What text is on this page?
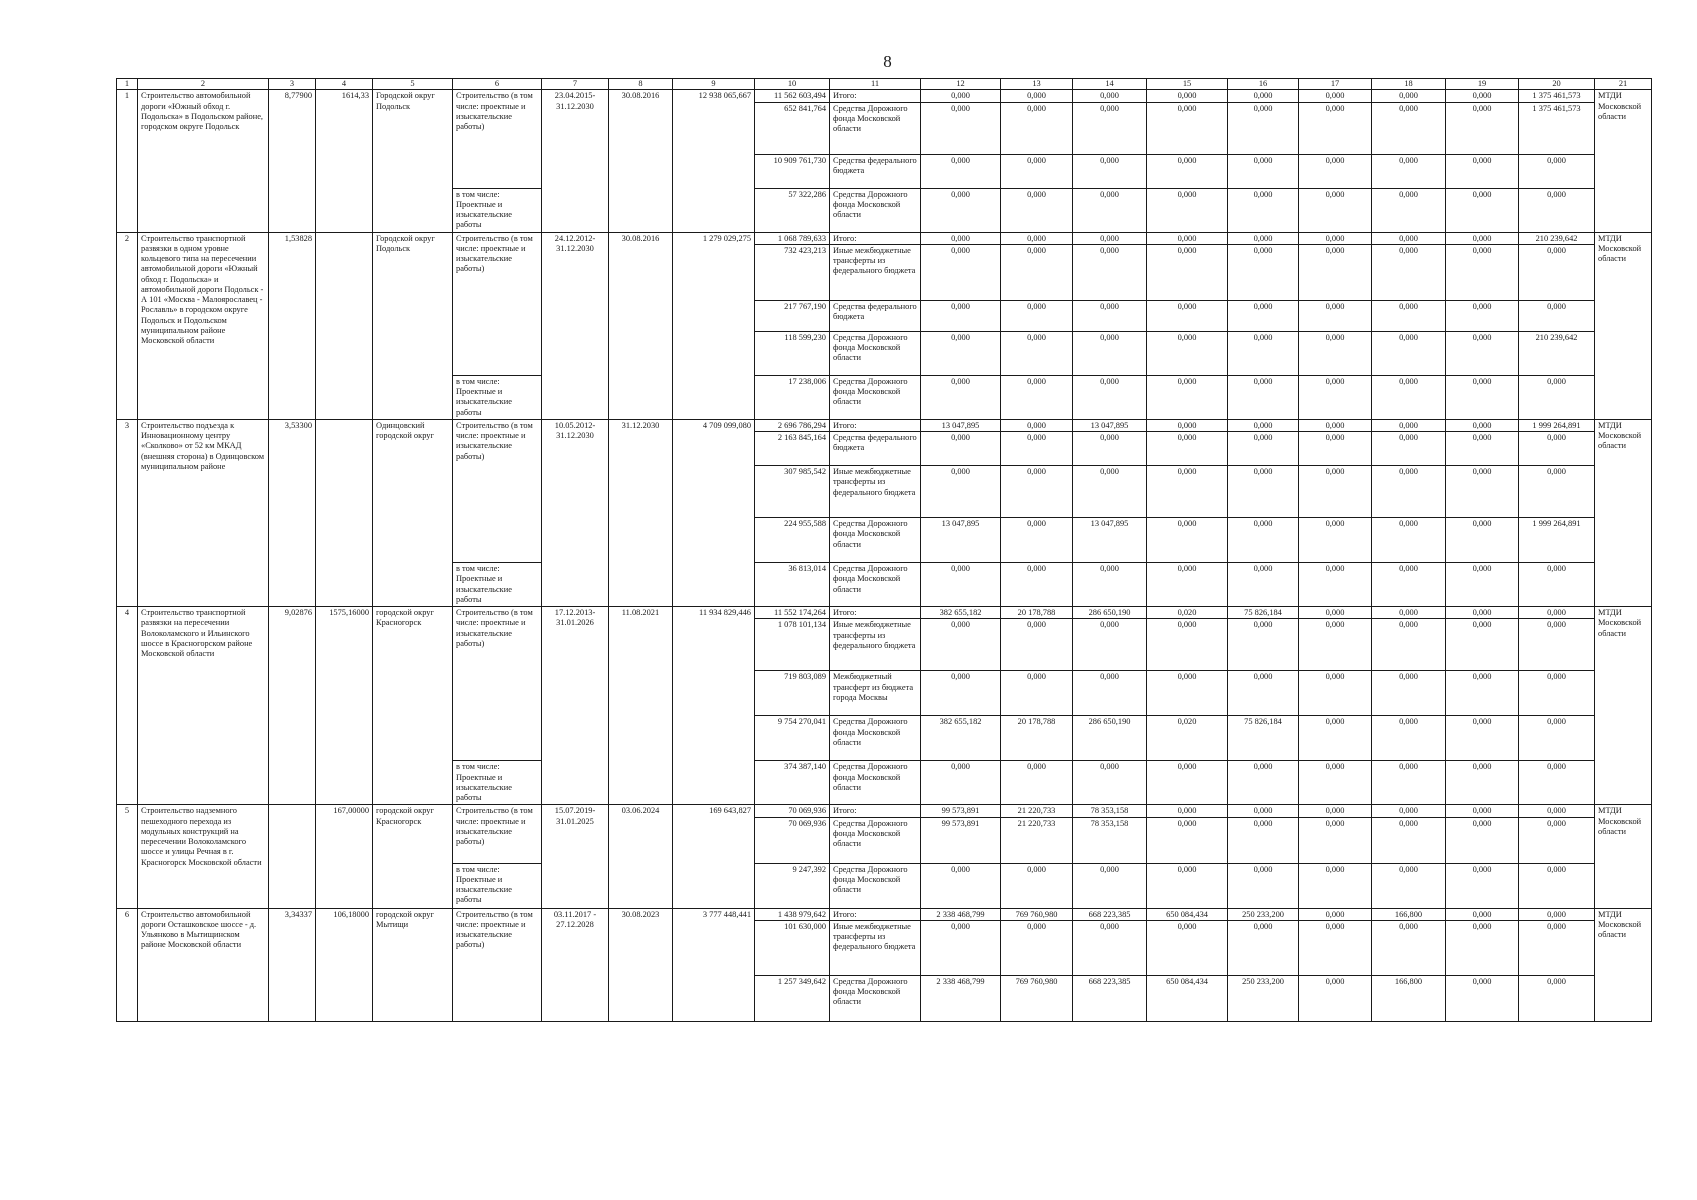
8
1	2	3	4	5	6	7	8	9	10	11	12	13	14	15	16	17	18	19	20	21
1	Строительство автомобильной дороги «Южный обход г. Подольска» в Подольском районе, городском округе Подольск	8,77900	1614,33	Городской округ Подольск	Строительство (в том числе: проектные и изыскательские работы)	23.04.2015-31.12.2030	30.08.2016	12 938 065,667	11 562 603,494	Итого:	0,000	0,000	0,000	0,000	0,000	0,000	0,000	0,000	1 375 461,573	МТДИ Московской области
									652 841,764	Средства Дорожного фонда Московской области	0,000	0,000	0,000	0,000	0,000	0,000	0,000	0,000	1 375 461,573	
									10 909 761,730	Средства федерального бюджета	0,000	0,000	0,000	0,000	0,000	0,000	0,000	0,000	0,000	
					в том числе: Проектные и изыскательские работы				57 322,286	Средства Дорожного фонда Московской области	0,000	0,000	0,000	0,000	0,000	0,000	0,000	0,000	0,000	
2	Строительство транспортной развязки в одном уровне кольцевого типа на пересечении автомобильной дороги «Южный обход г. Подольска» и автомобильной дороги Подольск - А 101 «Москва - Малоярославец - Рославль» в городском округе Подольск и Подольском муниципальном районе Московской области	1,53828		Городской округ Подольск	Строительство (в том числе: проектные и изыскательские работы)	24.12.2012-31.12.2030	30.08.2016	1 279 029,275	1 068 789,633	Итого:	0,000	0,000	0,000	0,000	0,000	0,000	0,000	0,000	210 239,642	МТДИ Московской области
									732 423,213	Иные межбюджетные трансферты из федерального бюджета	0,000	0,000	0,000	0,000	0,000	0,000	0,000	0,000	0,000	
									217 767,190	Средства федерального бюджета	0,000	0,000	0,000	0,000	0,000	0,000	0,000	0,000	0,000	
									118 599,230	Средства Дорожного фонда Московской области	0,000	0,000	0,000	0,000	0,000	0,000	0,000	0,000	210 239,642	
					в том числе: Проектные и изыскательские работы				17 238,006	Средства Дорожного фонда Московской области	0,000	0,000	0,000	0,000	0,000	0,000	0,000	0,000	0,000	
3	Строительство подъезда к Инновационному центру «Сколково» от 52 км МКАД (внешняя сторона) в Одинцовском муниципальном районе	3,53300		Одинцовский городской округ	Строительство (в том числе: проектные и изыскательские работы)	10.05.2012-31.12.2030	31.12.2030	4 709 099,080	2 696 786,294	Итого:	13 047,895	0,000	13 047,895	0,000	0,000	0,000	0,000	0,000	1 999 264,891	МТДИ Московской области
									2 163 845,164	Средства федерального бюджета	0,000	0,000	0,000	0,000	0,000	0,000	0,000	0,000	0,000	
									307 985,542	Иные межбюджетные трансферты из федерального бюджета	0,000	0,000	0,000	0,000	0,000	0,000	0,000	0,000	0,000	
									224 955,588	Средства Дорожного фонда Московской области	13 047,895	0,000	13 047,895	0,000	0,000	0,000	0,000	0,000	1 999 264,891	
					в том числе: Проектные и изыскательские работы				36 813,014	Средства Дорожного фонда Московской области	0,000	0,000	0,000	0,000	0,000	0,000	0,000	0,000	0,000	
4	Строительство транспортной развязки на пересечении Волоколамского и Ильинского шоссе в Красногорском районе Московской области	9,02876	1575,16000	городской округ Красногорск	Строительство (в том числе: проектные и изыскательские работы)	17.12.2013-31.01.2026	11.08.2021	11 934 829,446	11 552 174,264	Итого:	382 655,182	20 178,788	286 650,190	0,020	75 826,184	0,000	0,000	0,000	0,000	МТДИ Московской области
									1 078 101,134	Иные межбюджетные трансферты из федерального бюджета	0,000	0,000	0,000	0,000	0,000	0,000	0,000	0,000	0,000	
									719 803,089	Межбюджетный трансферт из бюджета города Москвы	0,000	0,000	0,000	0,000	0,000	0,000	0,000	0,000	0,000	
									9 754 270,041	Средства Дорожного фонда Московской области	382 655,182	20 178,788	286 650,190	0,020	75 826,184	0,000	0,000	0,000	0,000	
					в том числе: Проектные и изыскательские работы				374 387,140	Средства Дорожного фонда Московской области	0,000	0,000	0,000	0,000	0,000	0,000	0,000	0,000	0,000	
5	Строительство надземного пешеходного перехода из модульных конструкций на пересечении Волоколамского шоссе и улицы Речная в г. Красногорск Московской области		167,00000	городской округ Красногорск	Строительство (в том числе: проектные и изыскательские работы)	15.07.2019-31.01.2025	03.06.2024	169 643,827	70 069,936	Итого:	99 573,891	21 220,733	78 353,158	0,000	0,000	0,000	0,000	0,000	0,000	МТДИ Московской области
									70 069,936	Средства Дорожного фонда Московской области	99 573,891	21 220,733	78 353,158	0,000	0,000	0,000	0,000	0,000	0,000	
					в том числе: Проектные и изыскательские работы				9 247,392	Средства Дорожного фонда Московской области	0,000	0,000	0,000	0,000	0,000	0,000	0,000	0,000	0,000	
6	Строительство автомобильной дороги Осташковское шоссе - д. Ульянково в Мытищинском районе Московской области	3,34337	106,18000	городской округ Мытищи	Строительство (в том числе: проектные и изыскательские работы)	03.11.2017 - 27.12.2028	30.08.2023	3 777 448,441	1 438 979,642	Итого:	2 338 468,799	769 760,980	668 223,385	650 084,434	250 233,200	0,000	166,800	0,000	0,000	МТДИ Московской области
									101 630,000	Иные межбюджетные трансферты из федерального бюджета	0,000	0,000	0,000	0,000	0,000	0,000	0,000	0,000	0,000	
									1 257 349,642	Средства Дорожного фонда Московской области	2 338 468,799	769 760,980	668 223,385	650 084,434	250 233,200	0,000	166,800	0,000	0,000	
